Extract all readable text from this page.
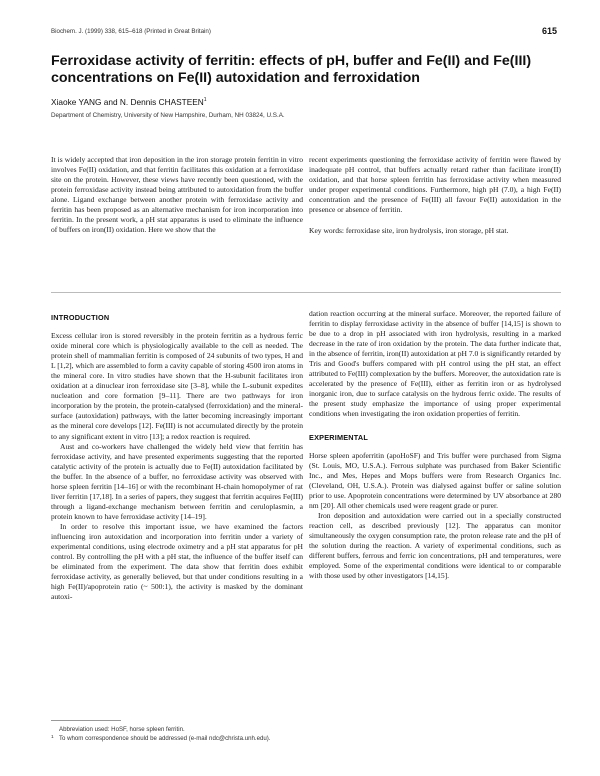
Biochem. J. (1999) 338, 615–618 (Printed in Great Britain)	615
Ferroxidase activity of ferritin: effects of pH, buffer and Fe(II) and Fe(III) concentrations on Fe(II) autoxidation and ferroxidation
Xiaoke YANG and N. Dennis CHASTEEN$^1$
Department of Chemistry, University of New Hampshire, Durham, NH 03824, U.S.A.

It is widely accepted that iron deposition in the iron storage protein ferritin in vitro involves Fe(II) oxidation, and that ferritin facilitates this oxidation at a ferroxidase site on the protein. However, these views have recently been questioned, with the protein ferroxidase activity instead being attributed to autoxidation from the buffer alone. Ligand exchange between another protein with ferroxidase activity and ferritin has been proposed as an alternative mechanism for iron incorporation into ferritin. In the present work, a pH stat apparatus is used to eliminate the influence of buffers on iron(II) oxidation. Here we show that the

recent experiments questioning the ferroxidase activity of ferritin were flawed by inadequate pH control, that buffers actually retard rather than facilitate iron(II) oxidation, and that horse spleen ferritin has ferroxidase activity when measured under proper experimental conditions. Furthermore, high pH (7.0), a high Fe(II) concentration and the presence of Fe(III) all favour Fe(II) autoxidation in the presence or absence of ferritin.

Key words: ferroxidase site, iron hydrolysis, iron storage, pH stat.

INTRODUCTION

Excess cellular iron is stored reversibly in the protein ferritin as a hydrous ferric oxide mineral core which is physiologically available to the cell as needed. The protein shell of mammalian ferritin is composed of 24 subunits of two types, H and L [1,2], which are assembled to form a cavity capable of storing 4500 iron atoms in the mineral core. In vitro studies have shown that the H-subunit facilitates iron oxidation at a dinuclear iron ferroxidase site [3–8], while the L-subunit expedites nucleation and core formation [9–11]. There are two pathways for iron incorporation by the protein, the protein-catalysed (ferroxidation) and the mineral-surface (autoxidation) pathways, with the latter becoming increasingly important as the mineral core develops [12]. Fe(III) is not accumulated directly by the protein to any significant extent in vitro [13]; a redox reaction is required.

Aust and co-workers have challenged the widely held view that ferritin has ferroxidase activity, and have presented experiments suggesting that the reported catalytic activity of the protein is actually due to Fe(II) autoxidation facilitated by the buffer. In the absence of a buffer, no ferroxidase activity was observed with horse spleen ferritin [14–16] or with the recombinant H-chain homopolymer of rat liver ferritin [17,18]. In a series of papers, they suggest that ferritin acquires Fe(III) through a ligand-exchange mechanism between ferritin and ceruloplasmin, a protein known to have ferroxidase activity [14–19].

In order to resolve this important issue, we have examined the factors influencing iron autoxidation and incorporation into ferritin under a variety of experimental conditions, using electrode oximetry and a pH stat apparatus for pH control. By controlling the pH with a pH stat, the influence of the buffer itself can be eliminated from the experiment. The data show that ferritin does exhibit ferroxidase activity, as generally believed, but that under conditions resulting in a high Fe(II)/apoprotein ratio (~ 500:1), the activity is masked by the dominant autoxi-

dation reaction occurring at the mineral surface. Moreover, the reported failure of ferritin to display ferroxidase activity in the absence of buffer [14,15] is shown to be due to a drop in pH associated with iron hydrolysis, resulting in a marked decrease in the rate of iron oxidation by the protein. The data further indicate that, in the absence of ferritin, iron(II) autoxidation at pH 7.0 is significantly retarded by Tris and Good's buffers compared with pH control using the pH stat, an effect attributed to Fe(III) complexation by the buffers. Moreover, the autoxidation rate is accelerated by the presence of Fe(III), either as ferritin iron or as hydrolysed inorganic iron, due to surface catalysis on the hydrous ferric oxide. The results of the present study emphasize the importance of using proper experimental conditions when investigating the iron oxidation properties of ferritin.

EXPERIMENTAL

Horse spleen apoferritin (apoHoSF) and Tris buffer were purchased from Sigma (St. Louis, MO, U.S.A.). Ferrous sulphate was purchased from Baker Scientific Inc., and Mes, Hepes and Mops buffers were from Research Organics Inc. (Cleveland, OH, U.S.A.). Protein was dialysed against buffer or saline solution prior to use. Apoprotein concentrations were determined by UV absorbance at 280 nm [20]. All other chemicals used were reagent grade or purer.

Iron deposition and autoxidation were carried out in a specially constructed reaction cell, as described previously [12]. The apparatus can monitor simultaneously the oxygen consumption rate, the proton release rate and the pH of the solution during the reaction. A variety of experimental conditions, such as different buffers, ferrous and ferric ion concentrations, pH and temperatures, were employed. Some of the experimental conditions were identical to or comparable with those used by other investigators [14,15].

Abbreviation used: HoSF, horse spleen ferritin.
1 To whom correspondence should be addressed (e-mail ndc@christa.unh.edu).
